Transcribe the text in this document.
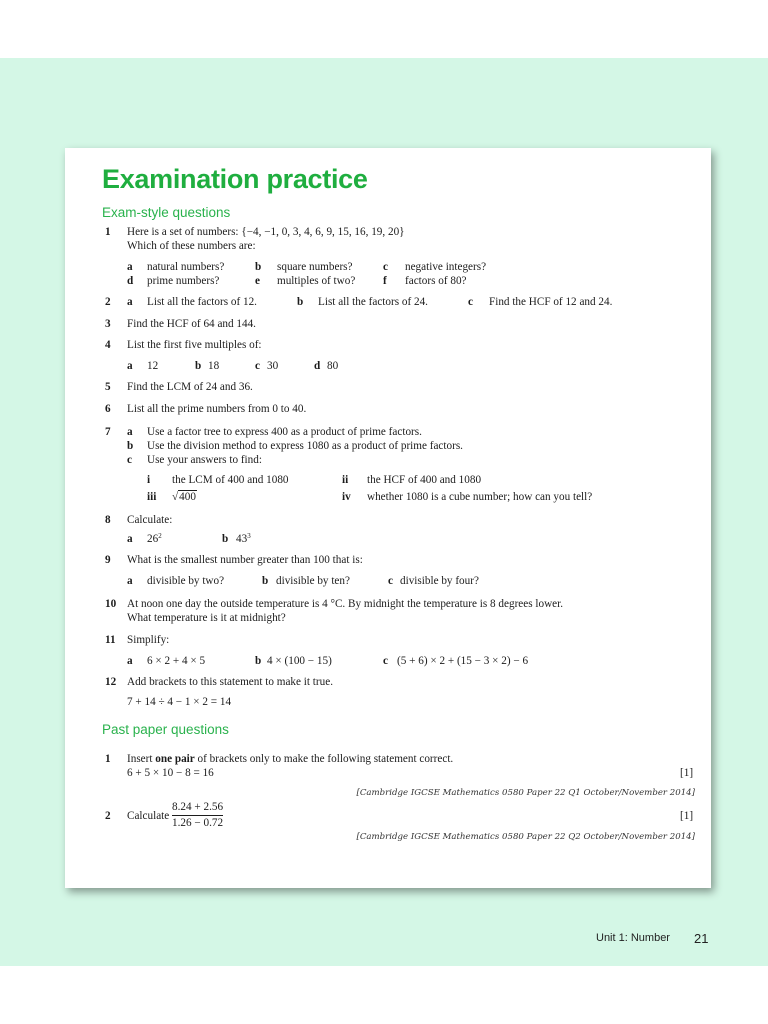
Examination practice
Exam-style questions
1 Here is a set of numbers: {−4, −1, 0, 3, 4, 6, 9, 15, 16, 19, 20}
Which of these numbers are:
a natural numbers?	b square numbers?	c negative integers?
d prime numbers?	e multiples of two? f factors of 80?
2 a List all the factors of 12.	b List all the factors of 24.	c Find the HCF of 12 and 24.
3 Find the HCF of 64 and 144.
4 List the first five multiples of:
a 12	b 18	c 30	d 80
5 Find the LCM of 24 and 36.
6 List all the prime numbers from 0 to 40.
7 a Use a factor tree to express 400 as a product of prime factors.
b Use the division method to express 1080 as a product of prime factors.
c Use your answers to find:
i the LCM of 400 and 1080	ii the HCF of 400 and 1080
iii √400	iv whether 1080 is a cube number; how can you tell?
8 Calculate:
a $26^2$	b $43^3$
9 What is the smallest number greater than 100 that is:
a divisible by two?	b divisible by ten?	c divisible by four?
10 At noon one day the outside temperature is 4 °C. By midnight the temperature is 8 degrees lower.
What temperature is it at midnight?
11 Simplify:
a 6 × 2 + 4 × 5	b 4 × (100 − 15)	c (5 + 6) × 2 + (15 − 3 × 2) − 6
12 Add brackets to this statement to make it true.
7 + 14 ÷ 4 − 1 × 2 = 14
Past paper questions
1 Insert one pair of brackets only to make the following statement correct.
6 + 5 × 10 − 8 = 16	[1]
[Cambridge IGCSE Mathematics 0580 Paper 22 Q1 October/November 2014]
2 Calculate
8.24 + 2.56
1.26 − 0.72
[1]
[Cambridge IGCSE Mathematics 0580 Paper 22 Q2 October/November 2014]
Unit 1: Number 21
